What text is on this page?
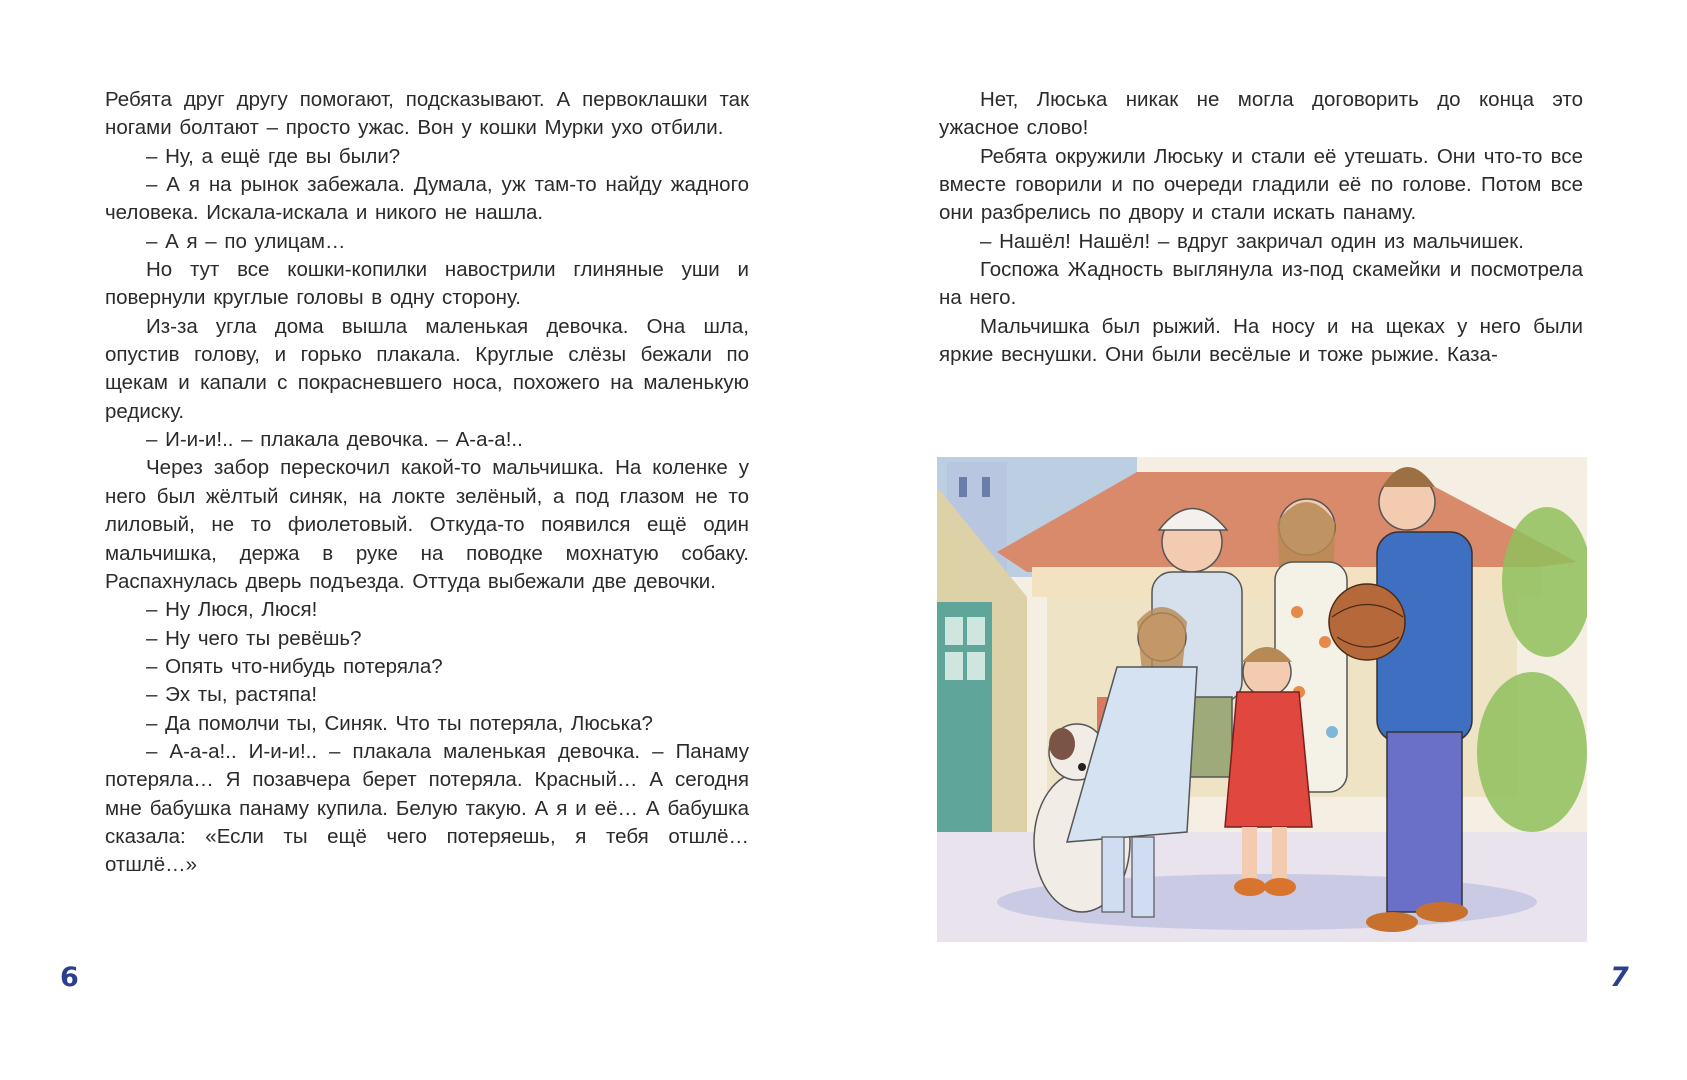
Ребята друг другу помогают, подсказывают. А первоклашки так ногами болтают – просто ужас. Вон у кошки Мурки ухо отбили.

– Ну, а ещё где вы были?

– А я на рынок забежала. Думала, уж там-то найду жадного человека. Искала-искала и никого не нашла.

– А я – по улицам…

Но тут все кошки-копилки навострили глиняные уши и повернули круглые головы в одну сторону.

Из-за угла дома вышла маленькая девочка. Она шла, опустив голову, и горько плакала. Круглые слёзы бежали по щекам и капали с покрасневшего носа, похожего на маленькую редиску.

– И-и-и!.. – плакала девочка. – А-а-а!..

Через забор перескочил какой-то мальчишка. На коленке у него был жёлтый синяк, на локте зелёный, а под глазом не то лиловый, не то фиолетовый. Откуда-то появился ещё один мальчишка, держа в руке на поводке мохнатую собаку. Распахнулась дверь подъезда. Оттуда выбежали две девочки.

– Ну Люся, Люся!

– Ну чего ты ревёшь?

– Опять что-нибудь потеряла?

– Эх ты, растяпа!

– Да помолчи ты, Синяк. Что ты потеряла, Люська?

– А-а-а!.. И-и-и!.. – плакала маленькая девочка. – Панаму потеряла… Я позавчера берет потеряла. Красный… А сегодня мне бабушка панаму купила. Белую такую. А я и её… А бабушка сказала: «Если ты ещё чего потеряешь, я тебя отшлё… отшлё…»

6

Нет, Люська никак не могла договорить до конца это ужасное слово!

Ребята окружили Люську и стали её утешать. Они что-то все вместе говорили и по очереди гладили её по голове. Потом все они разбрелись по двору и стали искать панаму.

– Нашёл! Нашёл! – вдруг закричал один из мальчишек.

Госпожа Жадность выглянула из-под скамейки и посмотрела на него.

Мальчишка был рыжий. На носу и на щеках у него были яркие веснушки. Они были весёлые и тоже рыжие. Каза-

7
